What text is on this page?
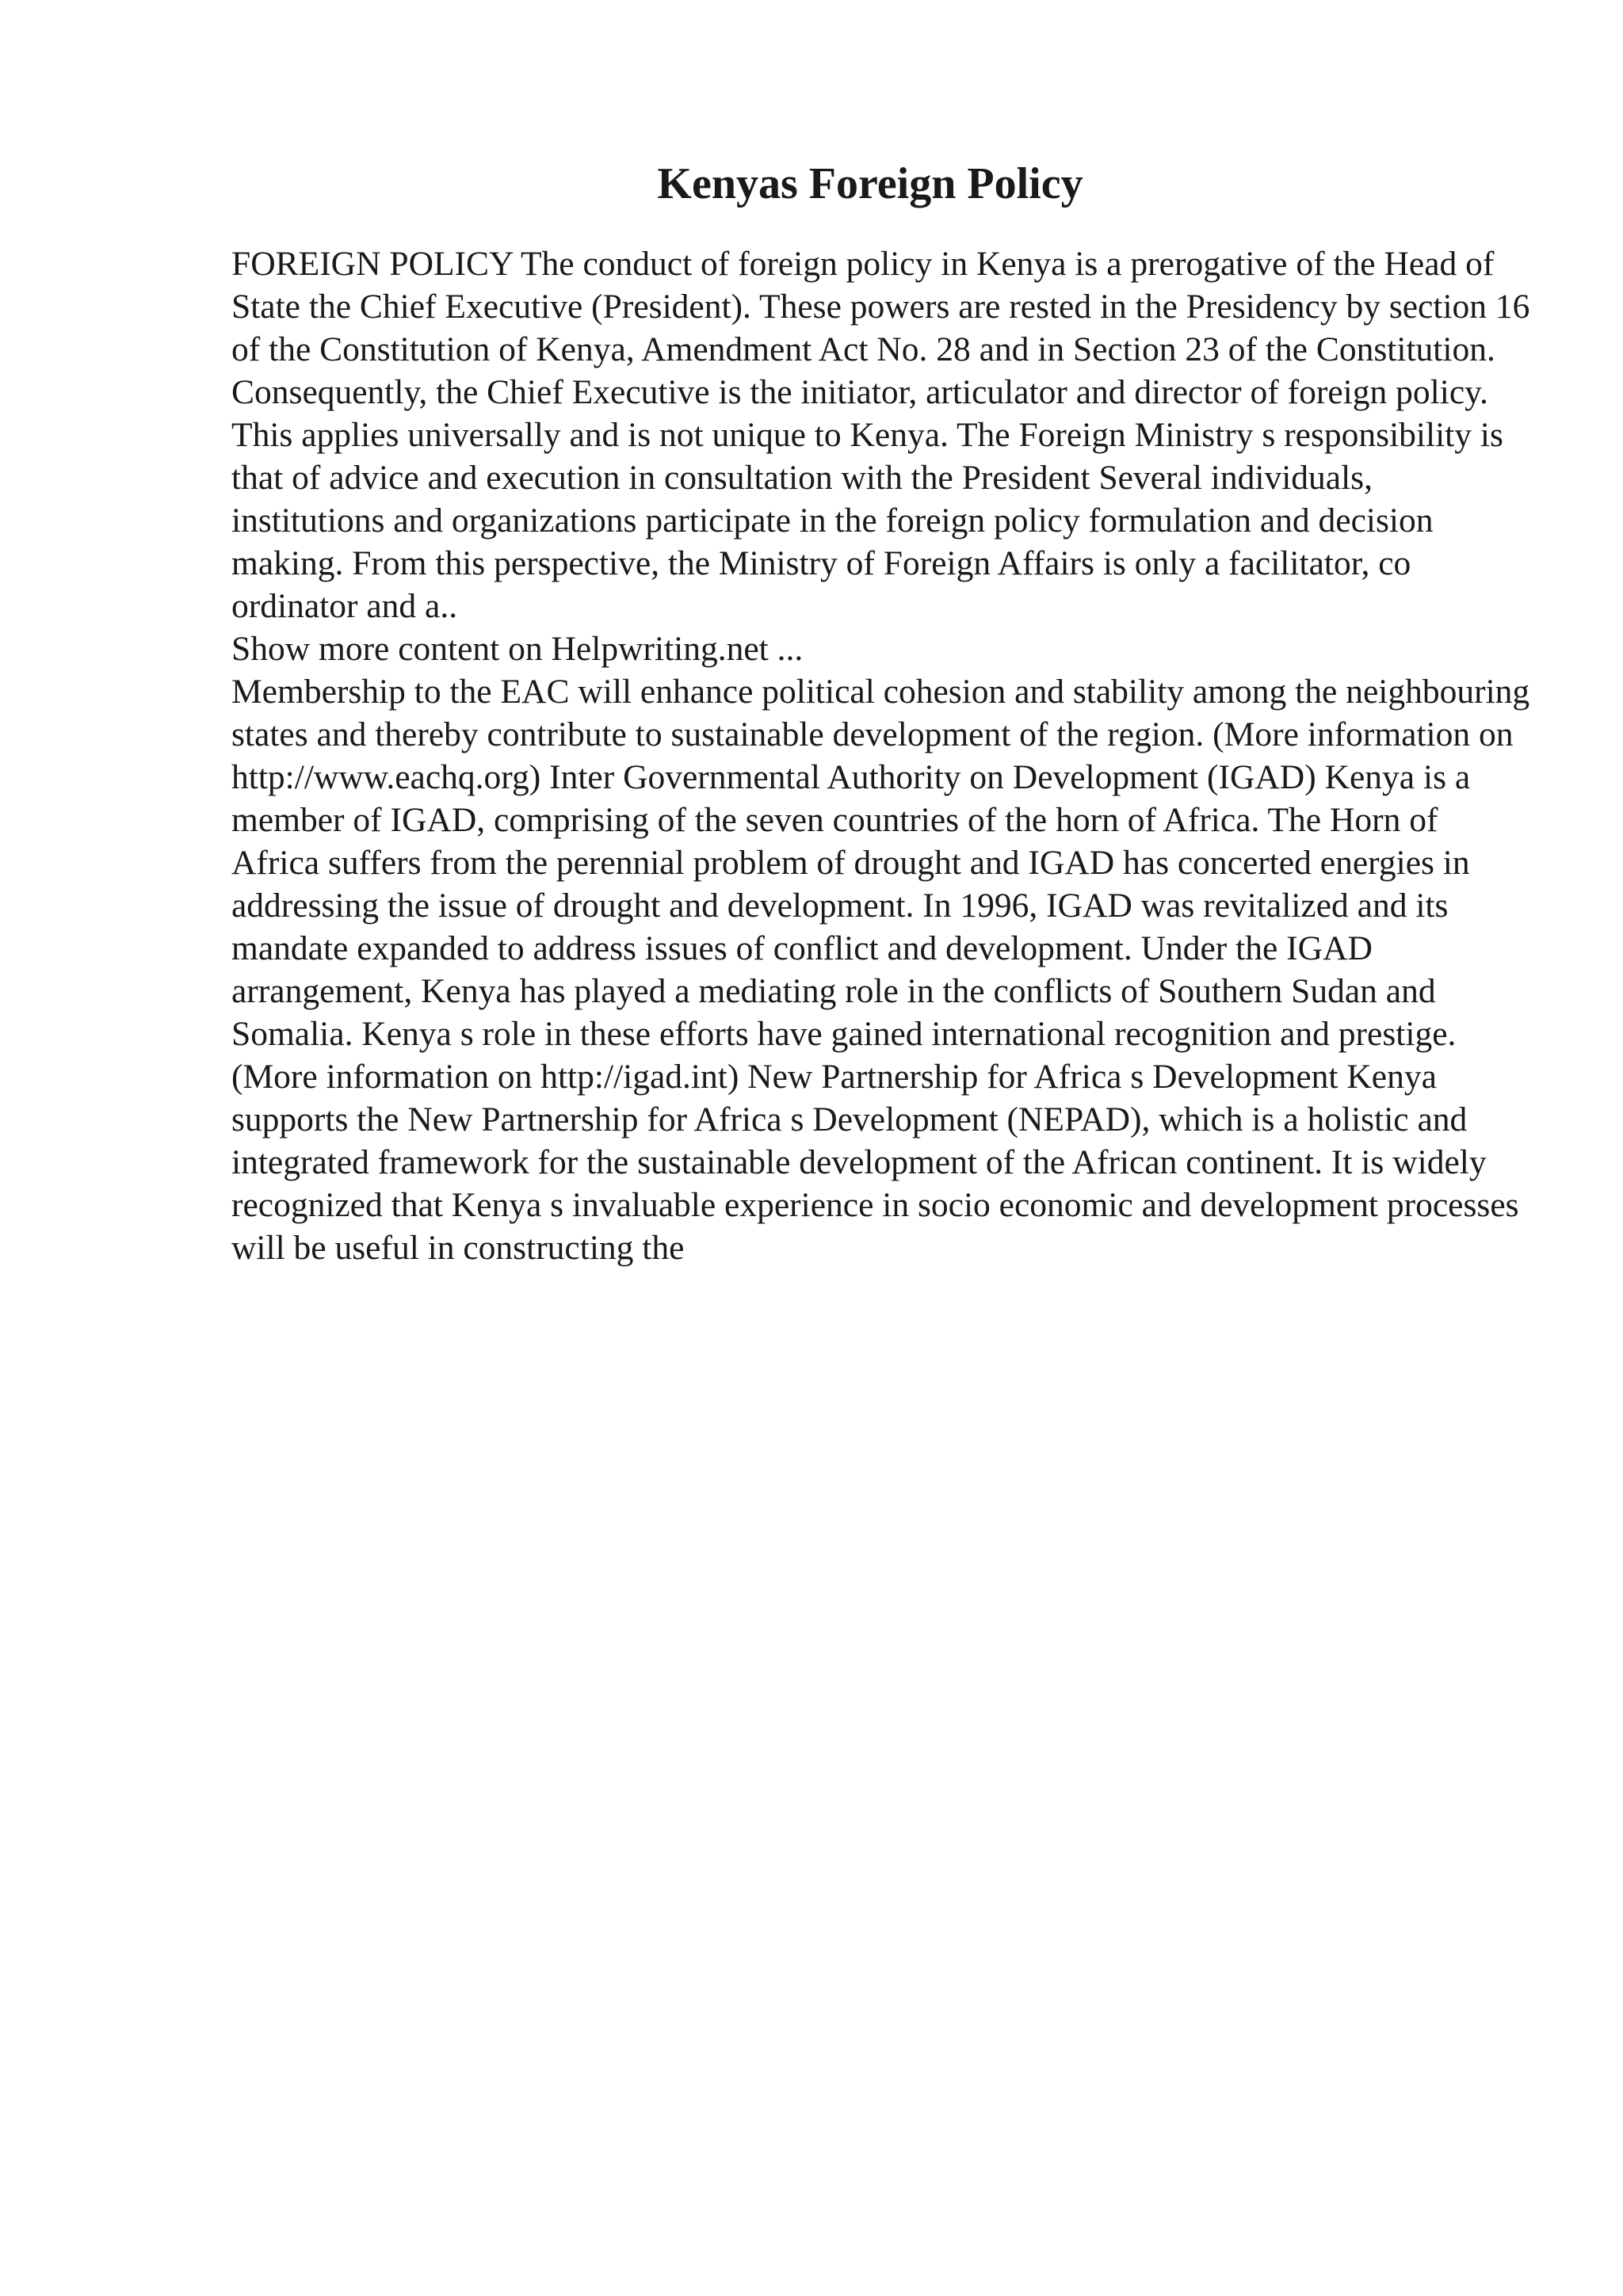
Kenyas Foreign Policy

FOREIGN POLICY The conduct of foreign policy in Kenya is a prerogative of the Head of State the Chief Executive (President). These powers are rested in the Presidency by section 16 of the Constitution of Kenya, Amendment Act No. 28 and in Section 23 of the Constitution. Consequently, the Chief Executive is the initiator, articulator and director of foreign policy. This applies universally and is not unique to Kenya. The Foreign Ministry s responsibility is that of advice and execution in consultation with the President Several individuals, institutions and organizations participate in the foreign policy formulation and decision making. From this perspective, the Ministry of Foreign Affairs is only a facilitator, co ordinator and a..

Show more content on Helpwriting.net ...

Membership to the EAC will enhance political cohesion and stability among the neighbouring states and thereby contribute to sustainable development of the region. (More information on http://www.eachq.org) Inter Governmental Authority on Development (IGAD) Kenya is a member of IGAD, comprising of the seven countries of the horn of Africa. The Horn of Africa suffers from the perennial problem of drought and IGAD has concerted energies in addressing the issue of drought and development. In 1996, IGAD was revitalized and its mandate expanded to address issues of conflict and development. Under the IGAD arrangement, Kenya has played a mediating role in the conflicts of Southern Sudan and Somalia. Kenya s role in these efforts have gained international recognition and prestige. (More information on http://igad.int) New Partnership for Africa s Development Kenya supports the New Partnership for Africa s Development (NEPAD), which is a holistic and integrated framework for the sustainable development of the African continent. It is widely recognized that Kenya s invaluable experience in socio economic and development processes will be useful in constructing the
